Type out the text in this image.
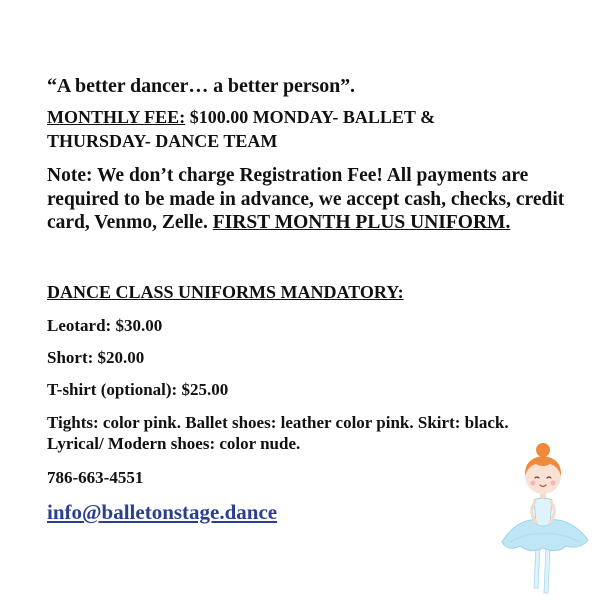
“A better dancer… a better person”.
MONTHLY FEE: $100.00 MONDAY- BALLET &
THURSDAY- DANCE TEAM
Note: We don’t charge Registration Fee! All payments are required to be made in advance, we accept cash, checks, credit card, Venmo, Zelle. FIRST MONTH PLUS UNIFORM.
DANCE CLASS UNIFORMS MANDATORY:
Leotard: $30.00
Short: $20.00
T-shirt (optional): $25.00
Tights: color pink. Ballet shoes: leather color pink. Skirt: black. Lyrical/ Modern shoes: color nude.
786-663-4551
info@balletonstage.dance
